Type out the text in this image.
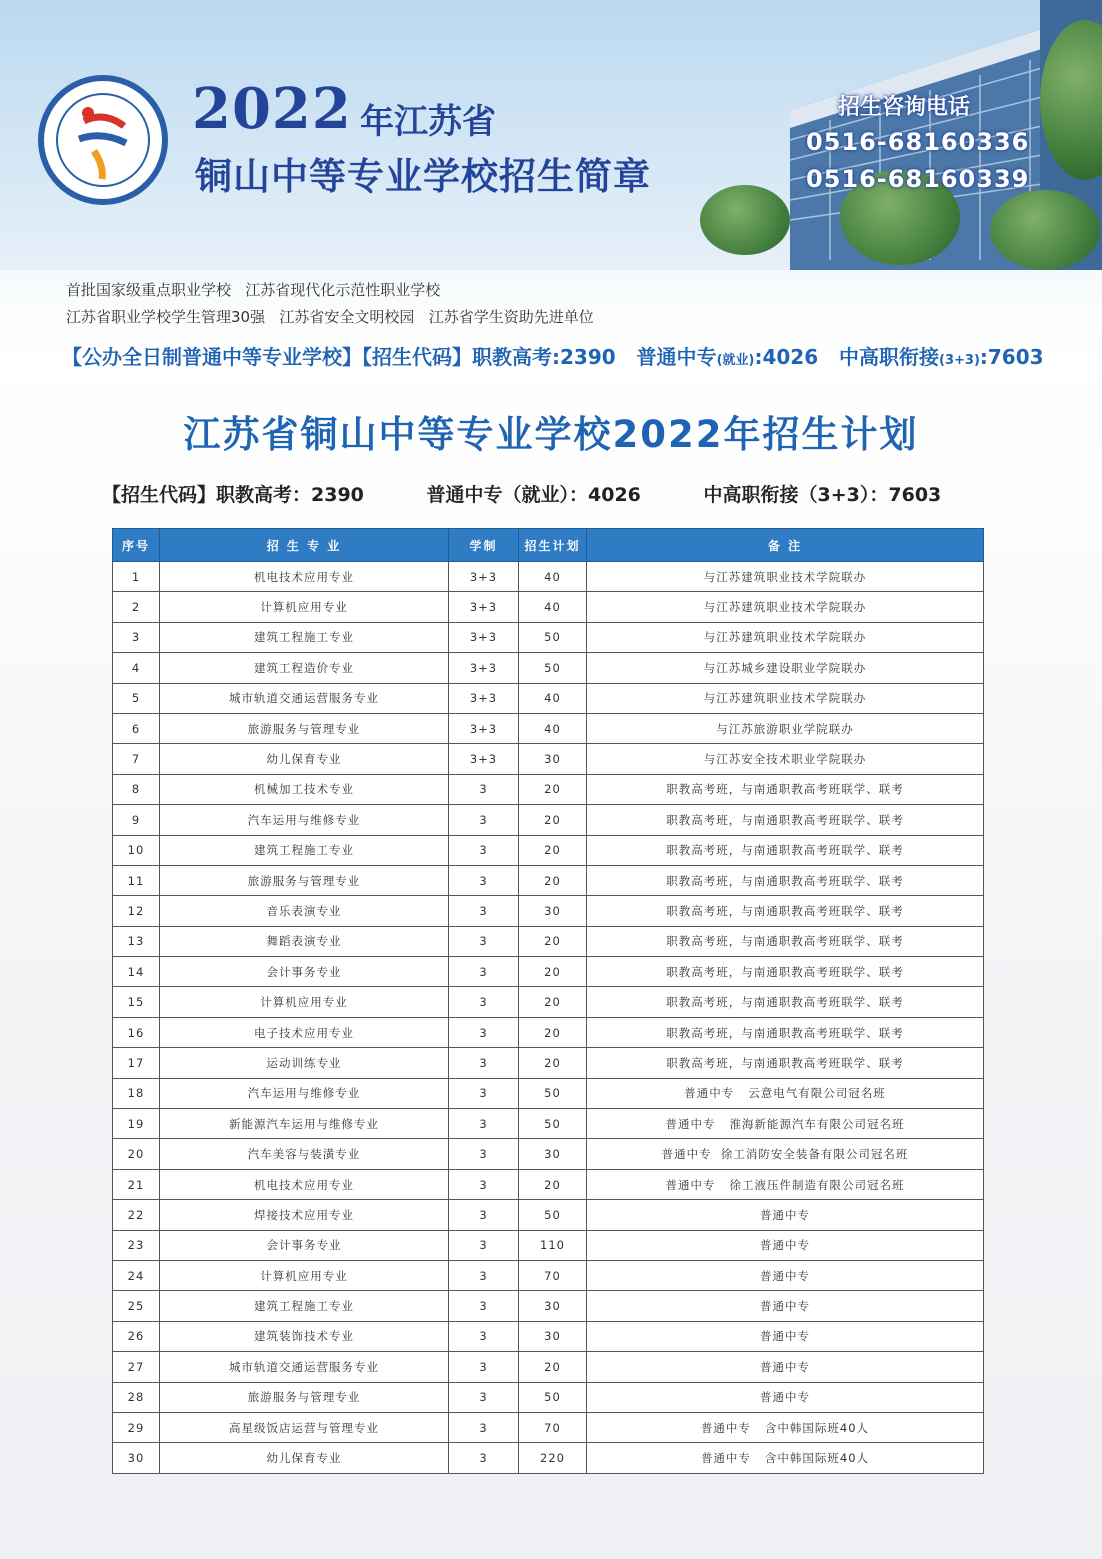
2022 年江苏省
铜山中等专业学校招生简章
招生咨询电话
0516-68160336
0516-68160339
首批国家级重点职业学校   江苏省现代化示范性职业学校
江苏省职业学校学生管理30强   江苏省安全文明校园   江苏省学生资助先进单位
【公办全日制普通中等专业学校】【招生代码】职教高考:2390   普通中专(就业):4026   中高职衔接(3+3):7603
江苏省铜山中等专业学校2022年招生计划
【招生代码】职教高考：2390	普通中专（就业）：4026	中高职衔接（3+3）：7603
序号	招 生 专 业	学制	招生计划	备 注
1	机电技术应用专业	3+3	40	与江苏建筑职业技术学院联办
2	计算机应用专业	3+3	40	与江苏建筑职业技术学院联办
3	建筑工程施工专业	3+3	50	与江苏建筑职业技术学院联办
4	建筑工程造价专业	3+3	50	与江苏城乡建设职业学院联办
5	城市轨道交通运营服务专业	3+3	40	与江苏建筑职业技术学院联办
6	旅游服务与管理专业	3+3	40	与江苏旅游职业学院联办
7	幼儿保育专业	3+3	30	与江苏安全技术职业学院联办
8	机械加工技术专业	3	20	职教高考班，与南通职教高考班联学、联考
9	汽车运用与维修专业	3	20	职教高考班，与南通职教高考班联学、联考
10	建筑工程施工专业	3	20	职教高考班，与南通职教高考班联学、联考
11	旅游服务与管理专业	3	20	职教高考班，与南通职教高考班联学、联考
12	音乐表演专业	3	30	职教高考班，与南通职教高考班联学、联考
13	舞蹈表演专业	3	20	职教高考班，与南通职教高考班联学、联考
14	会计事务专业	3	20	职教高考班，与南通职教高考班联学、联考
15	计算机应用专业	3	20	职教高考班，与南通职教高考班联学、联考
16	电子技术应用专业	3	20	职教高考班，与南通职教高考班联学、联考
17	运动训练专业	3	20	职教高考班，与南通职教高考班联学、联考
18	汽车运用与维修专业	3	50	普通中专   云意电气有限公司冠名班
19	新能源汽车运用与维修专业	3	50	普通中专   淮海新能源汽车有限公司冠名班
20	汽车美容与装潢专业	3	30	普通中专  徐工消防安全装备有限公司冠名班
21	机电技术应用专业	3	20	普通中专   徐工液压件制造有限公司冠名班
22	焊接技术应用专业	3	50	普通中专
23	会计事务专业	3	110	普通中专
24	计算机应用专业	3	70	普通中专
25	建筑工程施工专业	3	30	普通中专
26	建筑装饰技术专业	3	30	普通中专
27	城市轨道交通运营服务专业	3	20	普通中专
28	旅游服务与管理专业	3	50	普通中专
29	高星级饭店运营与管理专业	3	70	普通中专   含中韩国际班40人
30	幼儿保育专业	3	220	普通中专   含中韩国际班40人
